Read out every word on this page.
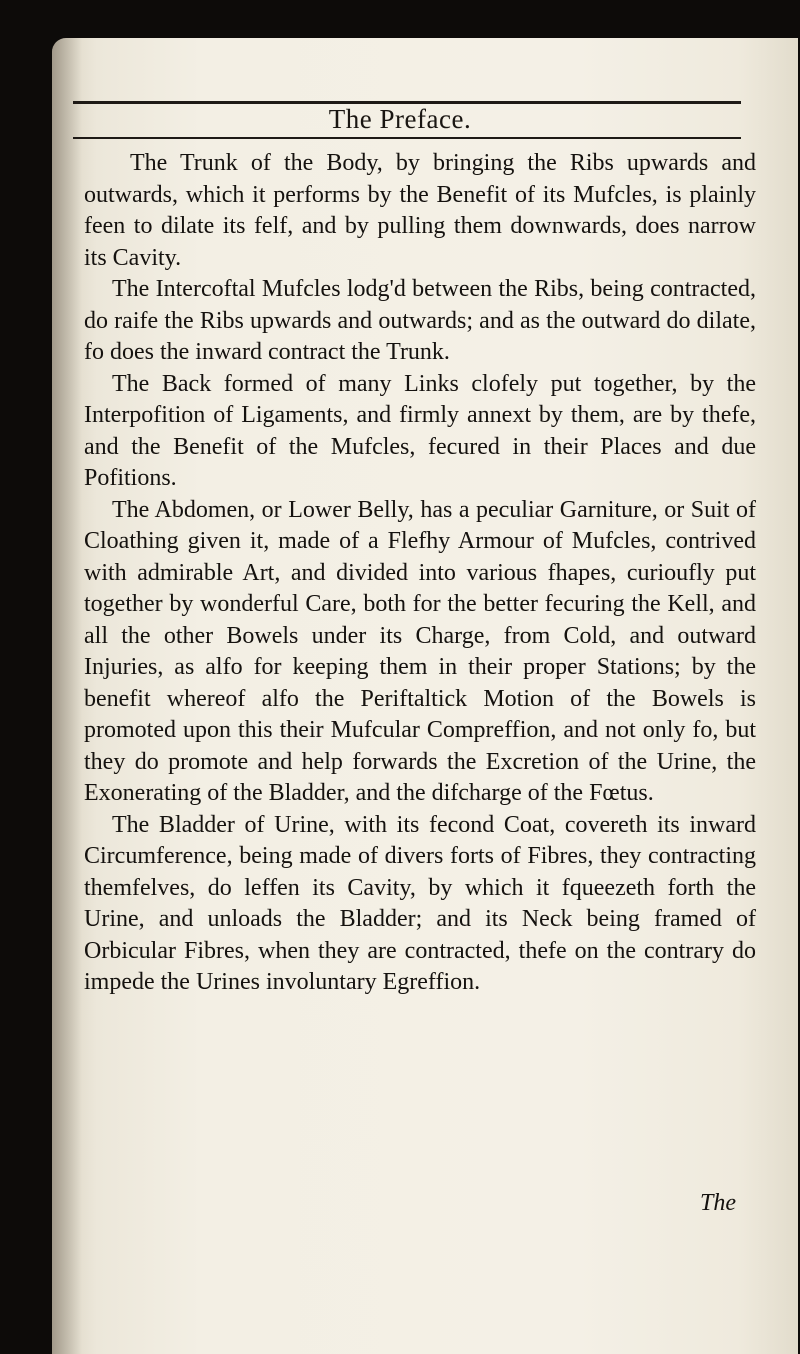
The Preface.

The Trunk of the Body, by bringing the Ribs upwards and outwards, which it performs by the Benefit of its Mufcles, is plainly feen to dilate its felf, and by pulling them downwards, does narrow its Cavity.

The Intercoftal Mufcles lodg'd between the Ribs, being contracted, do raife the Ribs upwards and outwards; and as the outward do dilate, fo does the inward contract the Trunk.

The Back formed of many Links clofely put together, by the Interpofition of Ligaments, and firmly annext by them, are by thefe, and the Benefit of the Mufcles, fecured in their Places and due Pofitions.

The Abdomen, or Lower Belly, has a peculiar Garniture, or Suit of Cloathing given it, made of a Flefhy Armour of Mufcles, contrived with admirable Art, and divided into various fhapes, curioufly put together by wonderful Care, both for the better fecuring the Kell, and all the other Bowels under its Charge, from Cold, and outward Injuries, as alfo for keeping them in their proper Stations; by the benefit whereof alfo the Periftaltick Motion of the Bowels is promoted upon this their Mufcular Compreffion, and not only fo, but they do promote and help forwards the Excretion of the Urine, the Exonerating of the Bladder, and the difcharge of the Fœtus.

The Bladder of Urine, with its fecond Coat, covereth its inward Circumference, being made of divers forts of Fibres, they contracting themfelves, do leffen its Cavity, by which it fqueezeth forth the Urine, and unloads the Bladder; and its Neck being framed of Orbicular Fibres, when they are contracted, thefe on the contrary do impede the Urines involuntary Egreffion.

The
